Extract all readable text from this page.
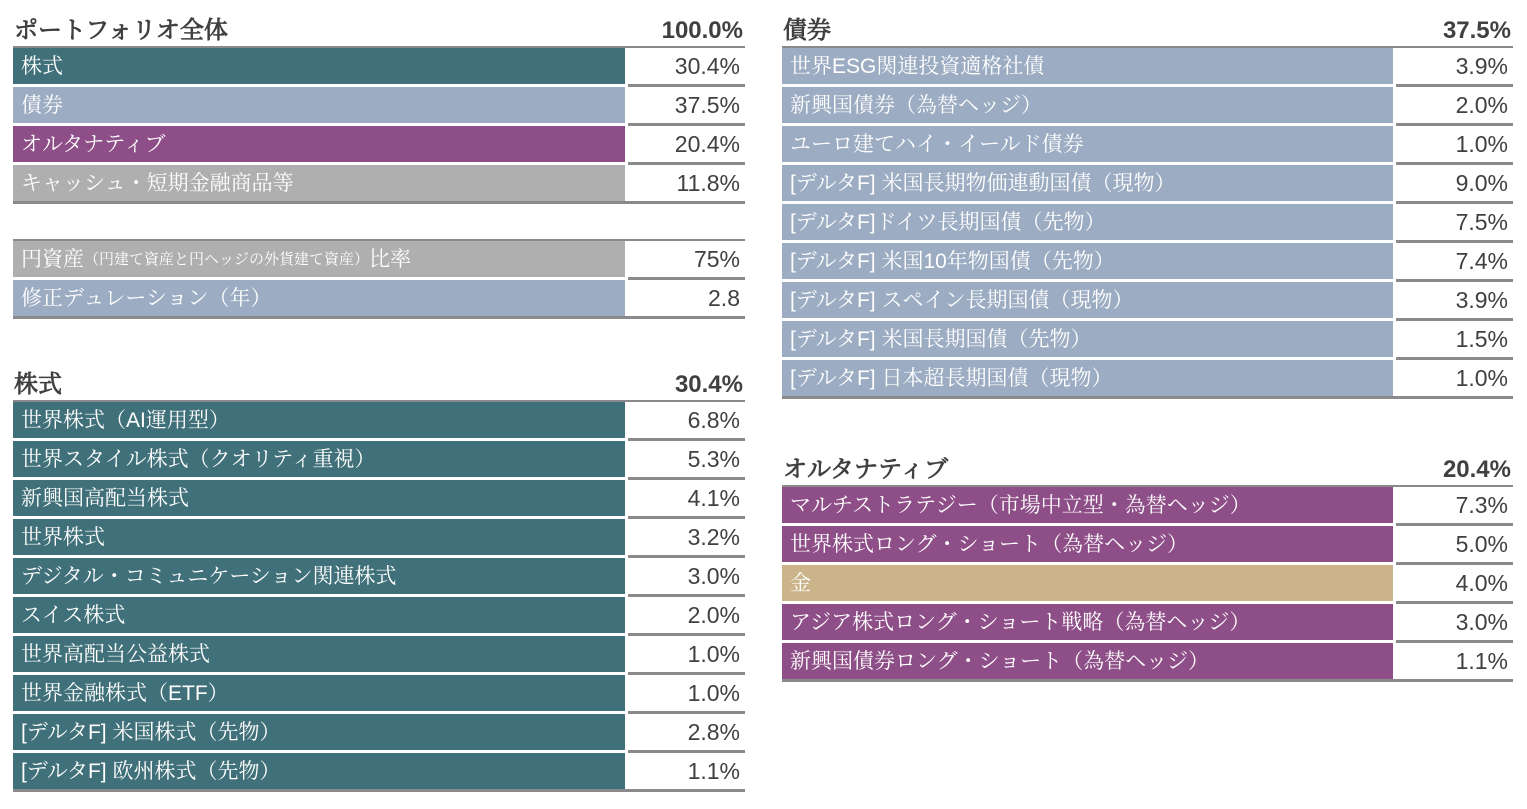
ポートフォリオ全体	100.0%
株式	30.4%
債券	37.5%
オルタナティブ	20.4%
キャッシュ・短期金融商品等	11.8%
円資産 （円建て資産と円ヘッジの外貨建て資産） 比率	75%
修正デュレーション（年）	2.8
株式	30.4%
世界株式（AI運用型）	6.8%
世界スタイル株式（クオリティ重視）	5.3%
新興国高配当株式	4.1%
世界株式	3.2%
デジタル・コミュニケーション関連株式	3.0%
スイス株式	2.0%
世界高配当公益株式	1.0%
世界金融株式（ETF）	1.0%
[デルタF] 米国株式（先物）	2.8%
[デルタF] 欧州株式（先物）	1.1%
債券	37.5%
世界ESG関連投資適格社債	3.9%
新興国債券（為替ヘッジ）	2.0%
ユーロ建てハイ・イールド債券	1.0%
[デルタF] 米国長期物価連動国債（現物）	9.0%
[デルタF]ドイツ長期国債（先物）	7.5%
[デルタF] 米国10年物国債（先物）	7.4%
[デルタF] スペイン長期国債（現物）	3.9%
[デルタF] 米国長期国債（先物）	1.5%
[デルタF] 日本超長期国債（現物）	1.0%
オルタナティブ	20.4%
マルチストラテジー（市場中立型・為替ヘッジ）	7.3%
世界株式ロング・ショート（為替ヘッジ）	5.0%
金	4.0%
アジア株式ロング・ショート戦略（為替ヘッジ）	3.0%
新興国債券ロング・ショート（為替ヘッジ）	1.1%
